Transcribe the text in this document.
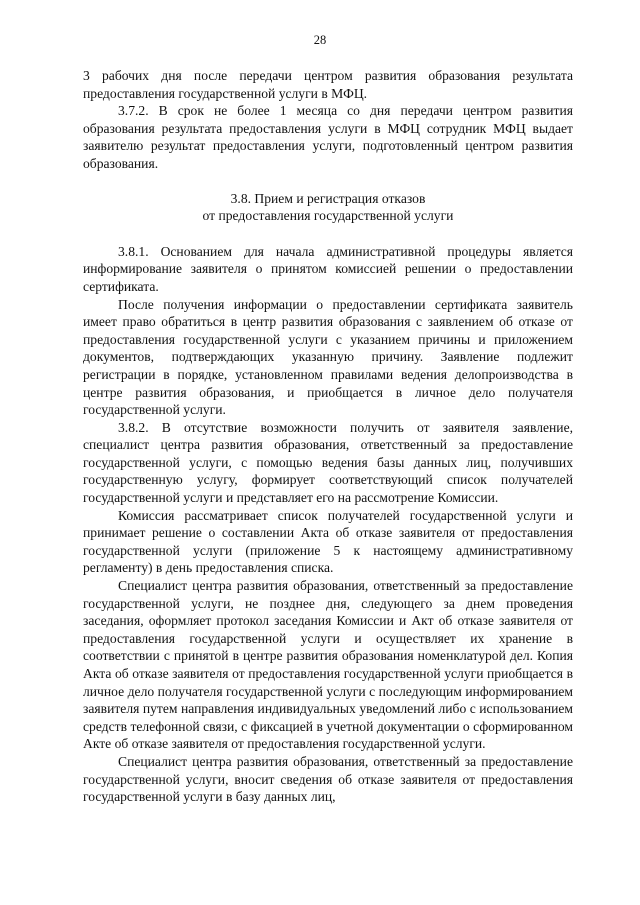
28

3 рабочих дня после передачи центром развития образования результата предоставления государственной услуги в МФЦ.

3.7.2. В срок не более 1 месяца со дня передачи центром развития образования результата предоставления услуги в МФЦ сотрудник МФЦ выдает заявителю результат предоставления услуги, подготовленный центром развития образования.

3.8. Прием и регистрация отказов
от предоставления государственной услуги

3.8.1. Основанием для начала административной процедуры является информирование заявителя о принятом комиссией решении о предоставлении сертификата.

После получения информации о предоставлении сертификата заявитель имеет право обратиться в центр развития образования с заявлением об отказе от предоставления государственной услуги с указанием причины и приложением документов, подтверждающих указанную причину. Заявление подлежит регистрации в порядке, установленном правилами ведения делопроизводства в центре развития образования, и приобщается в личное дело получателя государственной услуги.

3.8.2. В отсутствие возможности получить от заявителя заявление, специалист центра развития образования, ответственный за предоставление государственной услуги, с помощью ведения базы данных лиц, получивших государственную услугу, формирует соответствующий список получателей государственной услуги и представляет его на рассмотрение Комиссии.

Комиссия рассматривает список получателей государственной услуги и принимает решение о составлении Акта об отказе заявителя от предоставления государственной услуги (приложение 5 к настоящему административному регламенту) в день предоставления списка.

Специалист центра развития образования, ответственный за предоставление государственной услуги, не позднее дня, следующего за днем проведения заседания, оформляет протокол заседания Комиссии и Акт об отказе заявителя от предоставления государственной услуги и осуществляет их хранение в соответствии с принятой в центре развития образования номенклатурой дел. Копия Акта об отказе заявителя от предоставления государственной услуги приобщается в личное дело получателя государственной услуги с последующим информированием заявителя путем направления индивидуальных уведомлений либо с использованием средств телефонной связи, с фиксацией в учетной документации о сформированном Акте об отказе заявителя от предоставления государственной услуги.

Специалист центра развития образования, ответственный за предоставление государственной услуги, вносит сведения об отказе заявителя от предоставления государственной услуги в базу данных лиц,
